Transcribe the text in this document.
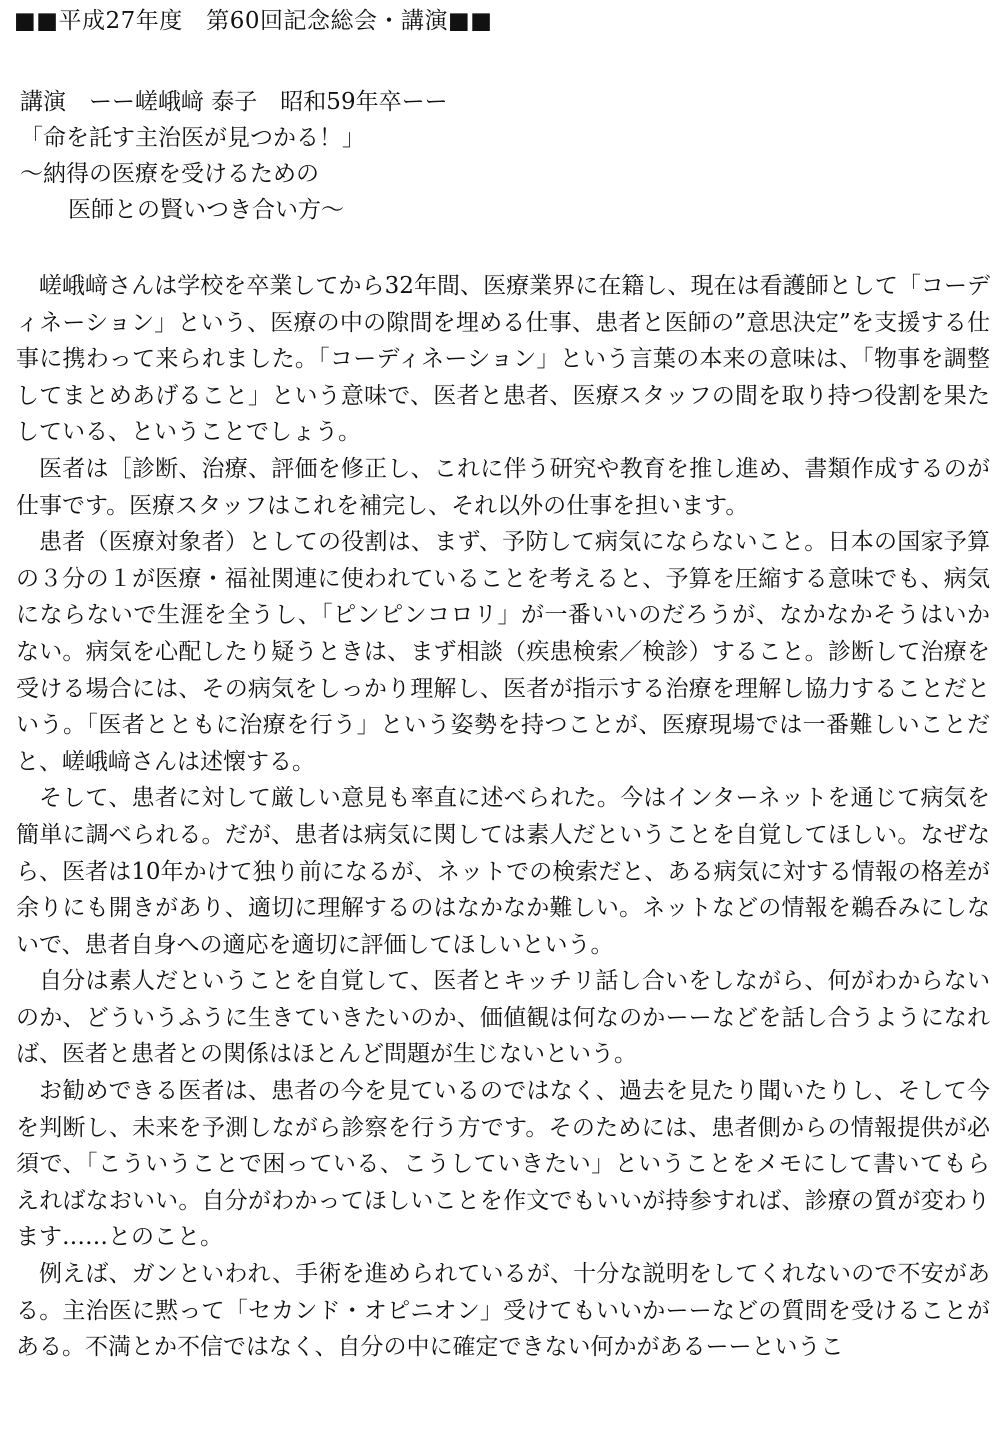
■■平成27年度　第60回記念総会・講演■■
講演　ーー嵯峨﨑 泰子　昭和59年卒ーー
「命を託す主治医が見つかる！」
～納得の医療を受けるための
医師との賢いつき合い方～

嵯峨﨑さんは学校を卒業してから32年間、医療業界に在籍し、現在は看護師として「コーディネーション」という、医療の中の隙間を埋める仕事、患者と医師の”意思決定”を支援する仕事に携わって来られました。「コーディネーション」という言葉の本来の意味は、「物事を調整してまとめあげること」という意味で、医者と患者、医療スタッフの間を取り持つ役割を果たしている、ということでしょう。

医者は［診断、治療、評価を修正し、これに伴う研究や教育を推し進め、書類作成するのが仕事です。医療スタッフはこれを補完し、それ以外の仕事を担います。

患者（医療対象者）としての役割は、まず、予防して病気にならないこと。日本の国家予算の３分の１が医療・福祉関連に使われていることを考えると、予算を圧縮する意味でも、病気にならないで生涯を全うし、「ピンピンコロリ」が一番いいのだろうが、なかなかそうはいかない。病気を心配したり疑うときは、まず相談（疾患検索／検診）すること。診断して治療を受ける場合には、その病気をしっかり理解し、医者が指示する治療を理解し協力することだという。「医者とともに治療を行う」という姿勢を持つことが、医療現場では一番難しいことだと、嵯峨﨑さんは述懐する。

そして、患者に対して厳しい意見も率直に述べられた。今はインターネットを通じて病気を簡単に調べられる。だが、患者は病気に関しては素人だということを自覚してほしい。なぜなら、医者は10年かけて独り前になるが、ネットでの検索だと、ある病気に対する情報の格差が余りにも開きがあり、適切に理解するのはなかなか難しい。ネットなどの情報を鵜呑みにしないで、患者自身への適応を適切に評価してほしいという。

自分は素人だということを自覚して、医者とキッチリ話し合いをしながら、何がわからないのか、どういうふうに生きていきたいのか、価値観は何なのかーーなどを話し合うようになれば、医者と患者との関係はほとんど問題が生じないという。

お勧めできる医者は、患者の今を見ているのではなく、過去を見たり聞いたりし、そして今を判断し、未来を予測しながら診察を行う方です。そのためには、患者側からの情報提供が必須で、「こういうことで困っている、こうしていきたい」ということをメモにして書いてもらえればなおいい。自分がわかってほしいことを作文でもいいが持参すれば、診療の質が変わります……とのこと。

例えば、ガンといわれ、手術を進められているが、十分な説明をしてくれないので不安がある。主治医に黙って「セカンド・オピニオン」受けてもいいかーーなどの質問を受けることがある。不満とか不信ではなく、自分の中に確定できない何かがあるーーというこ
